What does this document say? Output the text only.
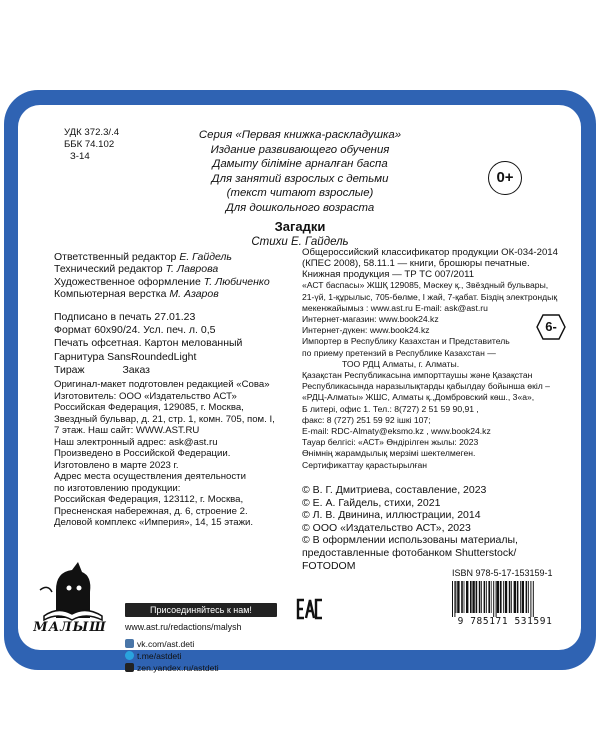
УДК 372.3/.4
ББК 74.102
З-14
Серия «Первая книжка-раскладушка»
Издание развивающего обучения
Дамыту біліміне арналған баспа
Для занятий взрослых с детьми
(текст читают взрослые)
Для дошкольного возраста
0+
Загадки
Стихи Е. Гайдель
Ответственный редактор Е. Гайдель
Технический редактор Т. Лаврова
Художественное оформление Т. Любиченко
Компьютерная верстка М. Азаров
Подписано в печать 27.01.23
Формат 60х90/24. Усл. печ. л. 0,5
Печать офсетная. Картон мелованный
Гарнитура SansRoundedLight
Тираж             Заказ
Оригинал-макет подготовлен редакцией «Сова»
Изготовитель: ООО «Издательство АСТ»
Российская Федерация, 129085, г. Москва,
Звездный бульвар, д. 21, стр. 1, комн. 705, пом. I,
7 этаж. Наш сайт: WWW.AST.RU
Наш электронный адрес: ask@ast.ru
Произведено в Российской Федерации.
Изготовлено в марте 2023 г.
Адрес места осуществления деятельности
по изготовлению продукции:
Российская Федерация, 123112, г. Москва,
Пресненская набережная, д. 6, строение 2.
Деловой комплекс «Империя», 14, 15 этажи.
Общероссийский классификатор продукции ОК-034-2014
(КПЕС 2008), 58.11.1 — книги, брошюры печатные.
Книжная продукция — ТР ТС 007/2011
«АСТ баспасы» ЖШҚ 129085, Мәскеу қ., Звёздный бульвары,
21-үй, 1-құрылыс, 705-бөлме, I жай, 7-қабат. Біздің электрондық
мекенжайымыз : www.ast.ru E-mail: ask@ast.ru
Интернет-магазин: www.book24.kz
Интернет-дүкен: www.book24.kz
Импортер в Республику Казахстан и Представитель
по приему претензий в Республике Казахстан —
ТОО РДЦ Алматы, г. Алматы.
Қазақстан Республикасына импорттаушы және Қазақстан
Республикасында наразылықтарды қабылдау бойынша өкіл –
«РДЦ-Алматы» ЖШС, Алматы қ.,Домбровский көш., 3«а»,
Б литері, офис 1. Тел.: 8(727) 2 51 59 90,91 ,
факс: 8 (727) 251 59 92 ішкі 107;
E-mail: RDC-Almaty@eksmo.kz , www.book24.kz
Тауар белгісі: «АСТ» Өндірілген жылы: 2023
Өнімнің жарамдылық мерзімі шектелмеген.
Сертификаттау қарастырылған
6-
© В. Г. Дмитриева, составление, 2023
© Е. А. Гайдель, стихи, 2021
© Л. В. Двинина, иллюстрации, 2014
© ООО «Издательство АСТ», 2023
© В оформлении использованы материалы,
предоставленные фотобанком Shutterstock/
FOTODOM
МАЛЫШ
Присоединяйтесь к нам!
www.ast.ru/redactions/malysh
vk.com/ast.deti
t.me/astdeti
zen.yandex.ru/astdeti
ISBN 978-5-17-153159-1
9 785171 531591
